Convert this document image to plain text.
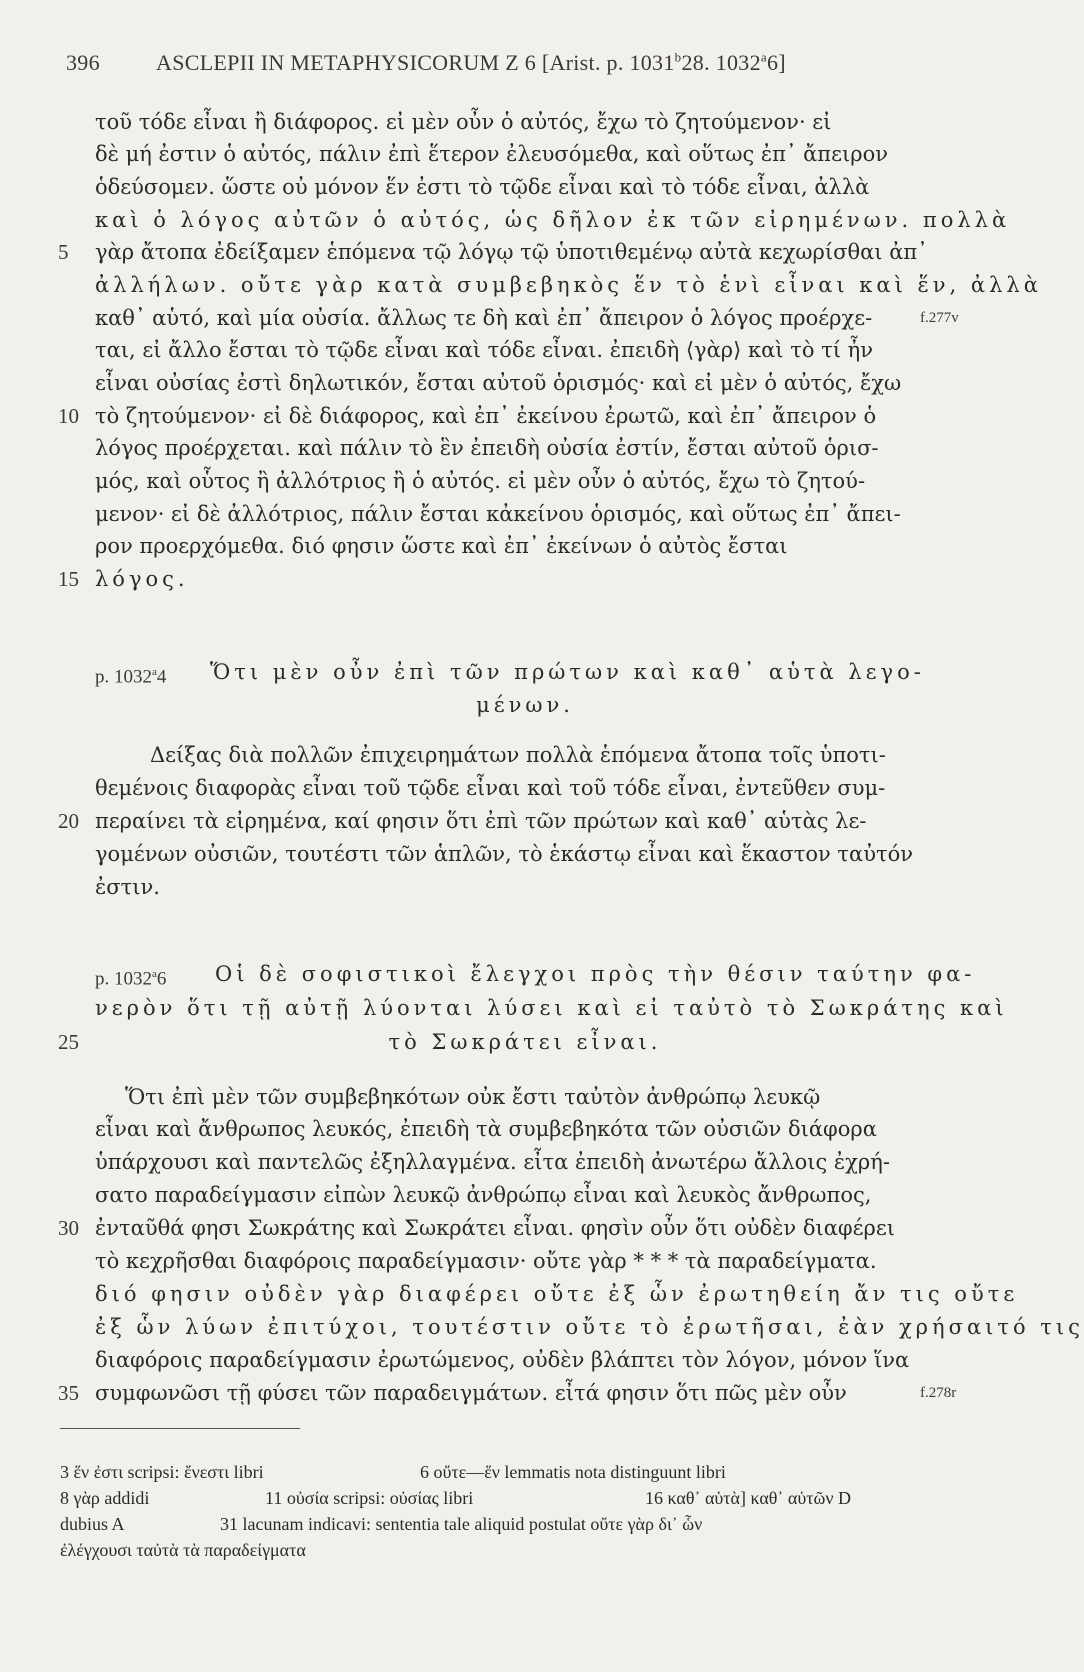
396	ASCLEPII IN METAPHYSICORUM Z 6 [Arist. p. 1031$^b$28. 1032$^a$6]
τοῦ τόδε εἶναι ἢ διάφορος. εἰ μὲν οὖν ὁ αὐτός, ἔχω τὸ ζητούμενον· εἰ
δὲ μή ἐστιν ὁ αὐτός, πάλιν ἐπὶ ἕτερον ἐλευσόμεθα, καὶ οὕτως ἐπ᾽ ἄπειρον
ὁδεύσομεν. ὥστε οὐ μόνον ἕν ἐστι τὸ τῷδε εἶναι καὶ τὸ τόδε εἶναι, ἀλλὰ
καὶ ὁ λόγος αὐτῶν ὁ αὐτός, ὡς δῆλον ἐκ τῶν εἰρημένων. πολλὰ
5 γὰρ ἄτοπα ἐδείξαμεν ἑπόμενα τῷ λόγῳ τῷ ὑποτιθεμένῳ αὐτὰ κεχωρίσθαι ἀπ᾽
ἀλλήλων. οὔτε γὰρ κατὰ συμβεβηκὸς ἕν τὸ ἑνὶ εἶναι καὶ ἕν, ἀλλὰ
καθ᾽ αὑτό, καὶ μία οὐσία. ἄλλως τε δὴ καὶ ἐπ᾽ ἄπειρον ὁ λόγος προέρχε-
ται, εἰ ἄλλο ἔσται τὸ τῷδε εἶναι καὶ τόδε εἶναι. ἐπειδὴ ⟨γὰρ⟩ καὶ τὸ τί ἦν
f.277v
εἶναι οὐσίας ἐστὶ δηλωτικόν, ἔσται αὐτοῦ ὁρισμός· καὶ εἰ μὲν ὁ αὐτός, ἔχω
10 τὸ ζητούμενον· εἰ δὲ διάφορος, καὶ ἐπ᾽ ἐκείνου ἐρωτῶ, καὶ ἐπ᾽ ἄπειρον ὁ
λόγος προέρχεται. καὶ πάλιν τὸ ἓν ἐπειδὴ οὐσία ἐστίν, ἔσται αὐτοῦ ὁρισ-
μός, καὶ οὗτος ἢ ἀλλότριος ἢ ὁ αὐτός. εἰ μὲν οὖν ὁ αὐτός, ἔχω τὸ ζητού-
μενον· εἰ δὲ ἀλλότριος, πάλιν ἔσται κἀκείνου ὁρισμός, καὶ οὕτως ἐπ᾽ ἄπει-
ρον προερχόμεθα. διό φησιν ὥστε καὶ ἐπ᾽ ἐκείνων ὁ αὐτὸς ἔσται
15 λόγος.
p. 1032$^a$4 Ὅτι μὲν οὖν ἐπὶ τῶν πρώτων καὶ καθ᾽ αὑτὰ λεγο-
μένων.
Δείξας διὰ πολλῶν ἐπιχειρημάτων πολλὰ ἑπόμενα ἄτοπα τοῖς ὑποτι-
θεμένοις διαφορὰς εἶναι τοῦ τῷδε εἶναι καὶ τοῦ τόδε εἶναι, ἐντεῦθεν συμ-
20 περαίνει τὰ εἰρημένα, καί φησιν ὅτι ἐπὶ τῶν πρώτων καὶ καθ᾽ αὑτὰς λε-
γομένων οὐσιῶν, τουτέστι τῶν ἁπλῶν, τὸ ἑκάστῳ εἶναι καὶ ἕκαστον ταὐτόν
ἐστιν.
p. 1032$^a$6 Οἱ δὲ σοφιστικοὶ ἔλεγχοι πρὸς τὴν θέσιν ταύτην φα-
νερὸν ὅτι τῇ αὐτῇ λύονται λύσει καὶ εἰ ταὐτὸ τὸ Σωκράτης καὶ
25	τὸ Σωκράτει εἶναι.
Ὅτι ἐπὶ μὲν τῶν συμβεβηκότων οὐκ ἔστι ταὐτὸν ἀνθρώπῳ λευκῷ
εἶναι καὶ ἄνθρωπος λευκός, ἐπειδὴ τὰ συμβεβηκότα τῶν οὐσιῶν διάφορα
ὑπάρχουσι καὶ παντελῶς ἐξηλλαγμένα. εἶτα ἐπειδὴ ἀνωτέρω ἄλλοις ἐχρή-
σατο παραδείγμασιν εἰπὼν λευκῷ ἀνθρώπῳ εἶναι καὶ λευκὸς ἄνθρωπος,
30 ἐνταῦθά φησι Σωκράτης καὶ Σωκράτει εἶναι. φησὶν οὖν ὅτι οὐδὲν διαφέρει
τὸ κεχρῆσθαι διαφόροις παραδείγμασιν· οὔτε γὰρ * * * τὰ παραδείγματα.
διό φησιν οὐδὲν γὰρ διαφέρει οὔτε ἐξ ὧν ἐρωτηθείη ἄν τις οὔτε
ἐξ ὧν λύων ἐπιτύχοι, τουτέστιν οὔτε τὸ ἐρωτῆσαι, ἐὰν χρήσαιτό τις
διαφόροις παραδείγμασιν ἐρωτώμενος, οὐδὲν βλάπτει τὸν λόγον, μόνον ἵνα
35 συμφωνῶσι τῇ φύσει τῶν παραδειγμάτων. εἶτά φησιν ὅτι πῶς μὲν οὖν	f.278r
3 ἕν ἐστι scripsi: ἔνεστι libri	6 οὔτε—ἕν lemmatis nota distinguunt libri
8 γὰρ addidi	11 οὐσία scripsi: οὐσίας libri	16 καθ᾽ αὑτὰ] καθ᾽ αὑτῶν D
dubius A	31 lacunam indicavi: sententia tale aliquid postulat οὔτε γὰρ δι᾽ ὧν
ἐλέγχουσι ταὐτὰ τὰ παραδείγματα
